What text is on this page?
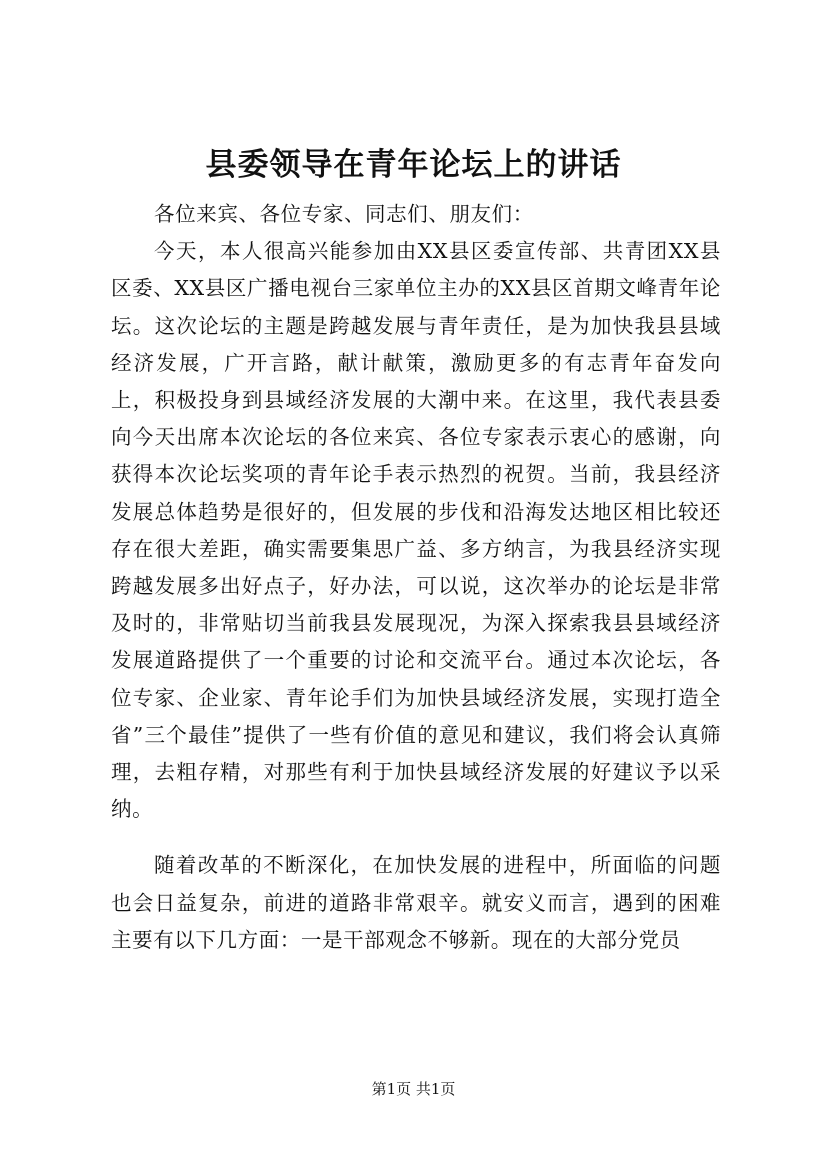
县委领导在青年论坛上的讲话

各位来宾、各位专家、同志们、朋友们：

今天，本人很高兴能参加由XX县区委宣传部、共青团XX县区委、XX县区广播电视台三家单位主办的XX县区首期文峰青年论坛。这次论坛的主题是跨越发展与青年责任，是为加快我县县域经济发展，广开言路，献计献策，激励更多的有志青年奋发向上，积极投身到县域经济发展的大潮中来。在这里，我代表县委向今天出席本次论坛的各位来宾、各位专家表示衷心的感谢，向获得本次论坛奖项的青年论手表示热烈的祝贺。当前，我县经济发展总体趋势是很好的，但发展的步伐和沿海发达地区相比较还存在很大差距，确实需要集思广益、多方纳言，为我县经济实现跨越发展多出好点子，好办法，可以说，这次举办的论坛是非常及时的，非常贴切当前我县发展现况，为深入探索我县县域经济发展道路提供了一个重要的讨论和交流平台。通过本次论坛，各位专家、企业家、青年论手们为加快县域经济发展，实现打造全省”三个最佳”提供了一些有价值的意见和建议，我们将会认真筛理，去粗存精，对那些有利于加快县域经济发展的好建议予以采纳。

随着改革的不断深化，在加快发展的进程中，所面临的问题也会日益复杂，前进的道路非常艰辛。就安义而言，遇到的困难主要有以下几方面：一是干部观念不够新。现在的大部分党员

第1页 共1页
